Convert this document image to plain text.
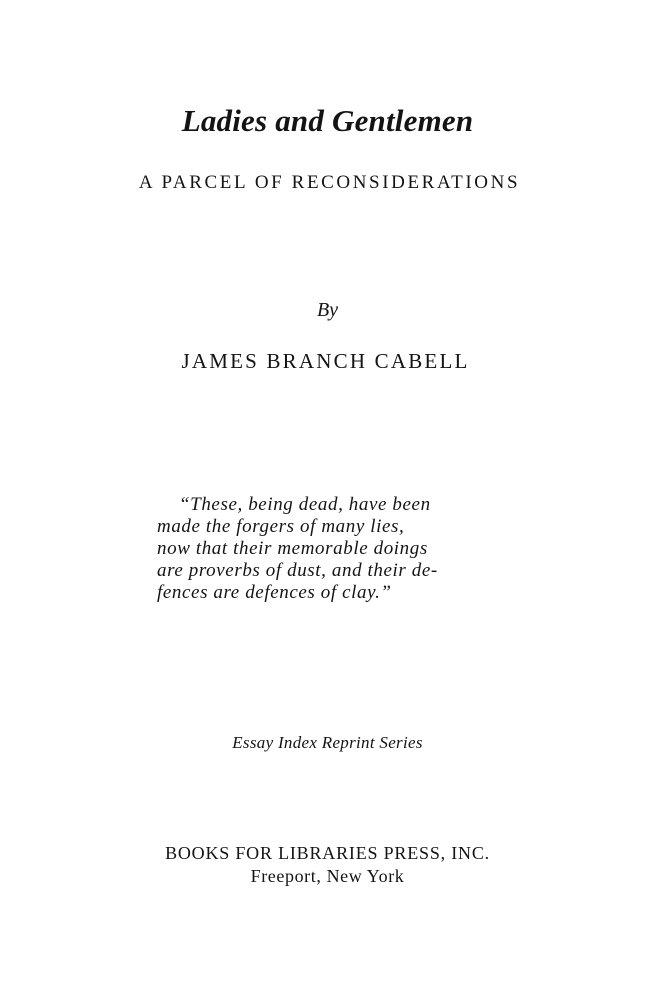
Ladies and Gentlemen
A PARCEL OF RECONSIDERATIONS
By
JAMES BRANCH CABELL
“These, being dead, have been
made the forgers of many lies,
now that their memorable doings
are proverbs of dust, and their de-
fences are defences of clay.”
Essay Index Reprint Series
BOOKS FOR LIBRARIES PRESS, INC.
Freeport, New York
